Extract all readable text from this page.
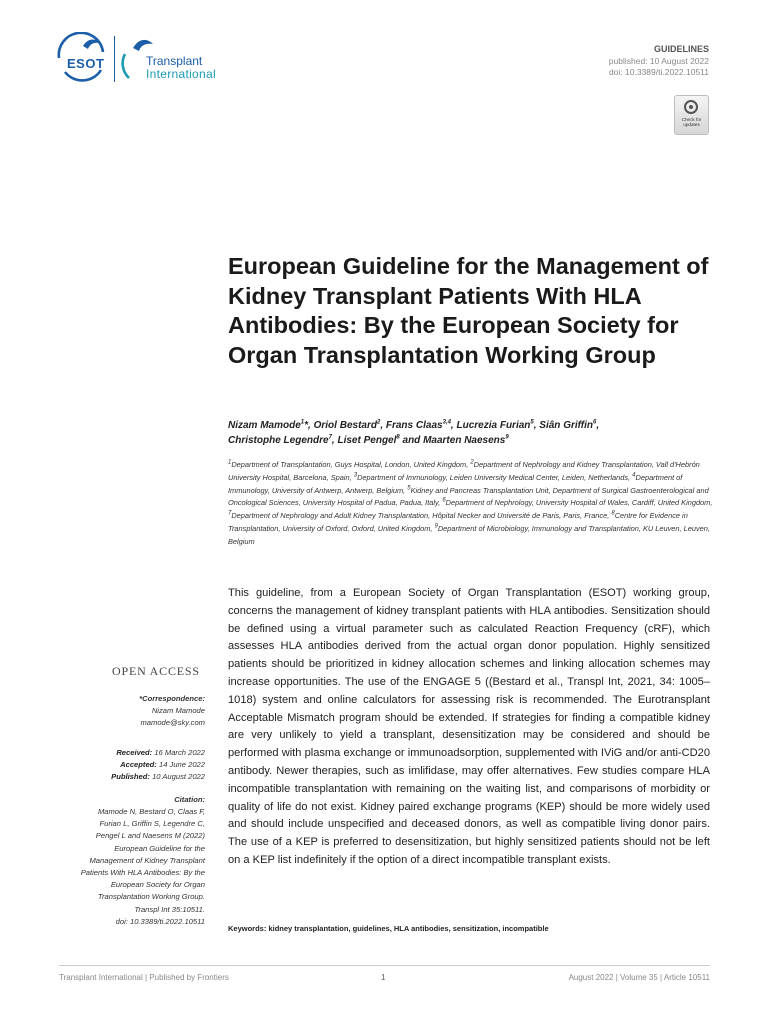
ESOT	Transplant
International
GUIDELINES
published: 10 August 2022
doi: 10.3389/ti.2022.10511
Check for
updates
European Guideline for the Management of Kidney Transplant Patients With HLA Antibodies: By the European Society for Organ Transplantation Working Group

Nizam Mamode$^1$*, Oriol Bestard$^2$, Frans Claas$^{3,4}$, Lucrezia Furian$^5$, Siân Griffin$^6$,
Christophe Legendre$^7$, Liset Pengel$^8$ and Maarten Naesens$^9$

$^1$Department of Transplantation, Guys Hospital, London, United Kingdom, $^2$Department of Nephrology and Kidney Transplantation, Vall d'Hebrón University Hospital, Barcelona, Spain, $^3$Department of Immunology, Leiden University Medical Center, Leiden, Netherlands, $^4$Department of Immunology, University of Antwerp, Antwerp, Belgium, $^5$Kidney and Pancreas Transplantation Unit, Department of Surgical Gastroenterological and Oncological Sciences, University Hospital of Padua, Padua, Italy, $^6$Department of Nephrology, University Hospital of Wales, Cardiff, United Kingdom, $^7$Department of Nephrology and Adult Kidney Transplantation, Hôpital Necker and Université de Paris, Paris, France, $^8$Centre for Evidence in Transplantation, University of Oxford, Oxford, United Kingdom, $^9$Department of Microbiology, Immunology and Transplantation, KU Leuven, Leuven, Belgium

This guideline, from a European Society of Organ Transplantation (ESOT) working group, concerns the management of kidney transplant patients with HLA antibodies. Sensitization should be defined using a virtual parameter such as calculated Reaction Frequency (cRF), which assesses HLA antibodies derived from the actual organ donor population. Highly sensitized patients should be prioritized in kidney allocation schemes and linking allocation schemes may increase opportunities. The use of the ENGAGE 5 ((Bestard et al., Transpl Int, 2021, 34: 1005–1018) system and online calculators for assessing risk is recommended. The Eurotransplant Acceptable Mismatch program should be extended. If strategies for finding a compatible kidney are very unlikely to yield a transplant, desensitization may be considered and should be performed with plasma exchange or immunoadsorption, supplemented with IViG and/or anti-CD20 antibody. Newer therapies, such as imlifidase, may offer alternatives. Few studies compare HLA incompatible transplantation with remaining on the waiting list, and comparisons of morbidity or quality of life do not exist. Kidney paired exchange programs (KEP) should be more widely used and should include unspecified and deceased donors, as well as compatible living donor pairs. The use of a KEP is preferred to desensitization, but highly sensitized patients should not be left on a KEP list indefinitely if the option of a direct incompatible transplant exists.

Keywords: kidney transplantation, guidelines, HLA antibodies, sensitization, incompatible

OPEN ACCESS
*Correspondence:
Nizam Mamode
mamode@sky.com
Received: 16 March 2022
Accepted: 14 June 2022
Published: 10 August 2022
Citation:
Mamode N, Bestard O, Claas F,
Furian L, Griffin S, Legendre C,
Pengel L and Naesens M (2022)
European Guideline for the
Management of Kidney Transplant
Patients With HLA Antibodies: By the
European Society for Organ
Transplantation Working Group.
Transpl Int 35:10511.
doi: 10.3389/ti.2022.10511
Transplant International | Published by Frontiers	1	August 2022 | Volume 35 | Article 10511
